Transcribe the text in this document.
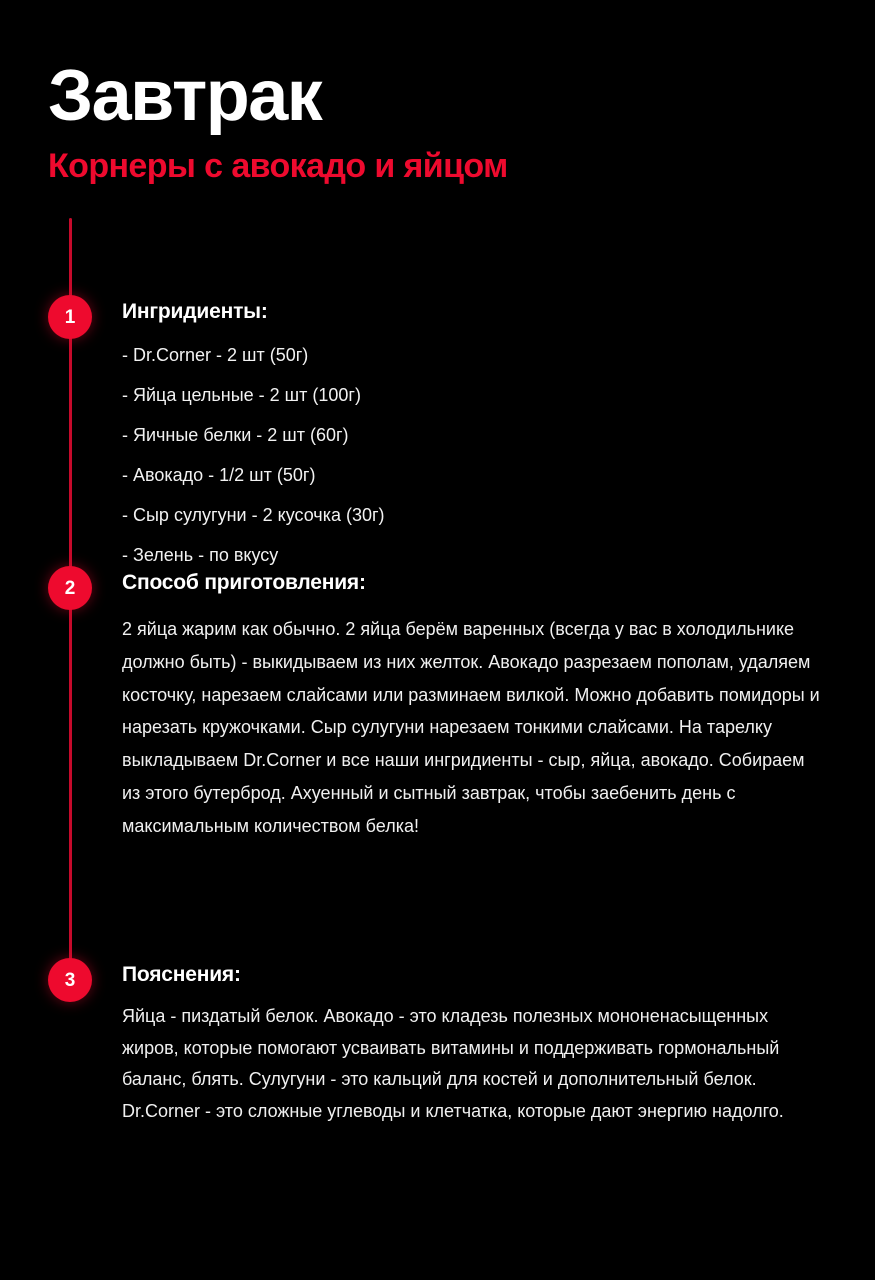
Завтрак
Корнеры с авокадо и яйцом
1	Ингридиенты:
- Dr.Corner - 2 шт (50г)
- Яйца цельные - 2 шт (100г)
- Яичные белки - 2 шт (60г)
- Авокадо - 1/2 шт (50г)
- Сыр сулугуни - 2 кусочка (30г)
- Зелень - по вкусу
2	Способ приготовления:

2 яйца жарим как обычно. 2 яйца берём варенных (всегда у вас в холодильнике должно быть) - выкидываем из них желток. Авокадо разрезаем пополам, удаляем косточку, нарезаем слайсами или разминаем вилкой. Можно добавить помидоры и нарезать кружочками. Сыр сулугуни нарезаем тонкими слайсами. На тарелку выкладываем Dr.Corner и все наши ингридиенты - сыр, яйца, авокадо. Собираем из этого бутерброд. Ахуенный и сытный завтрак, чтобы заебенить день с максимальным количеством белка!

3	Пояснения:

Яйца - пиздатый белок. Авокадо - это кладезь полезных мононенасыщенных жиров, которые помогают усваивать витамины и поддерживать гормональный баланс, блять. Сулугуни - это кальций для костей и дополнительный белок. Dr.Corner - это сложные углеводы и клетчатка, которые дают энергию надолго.
